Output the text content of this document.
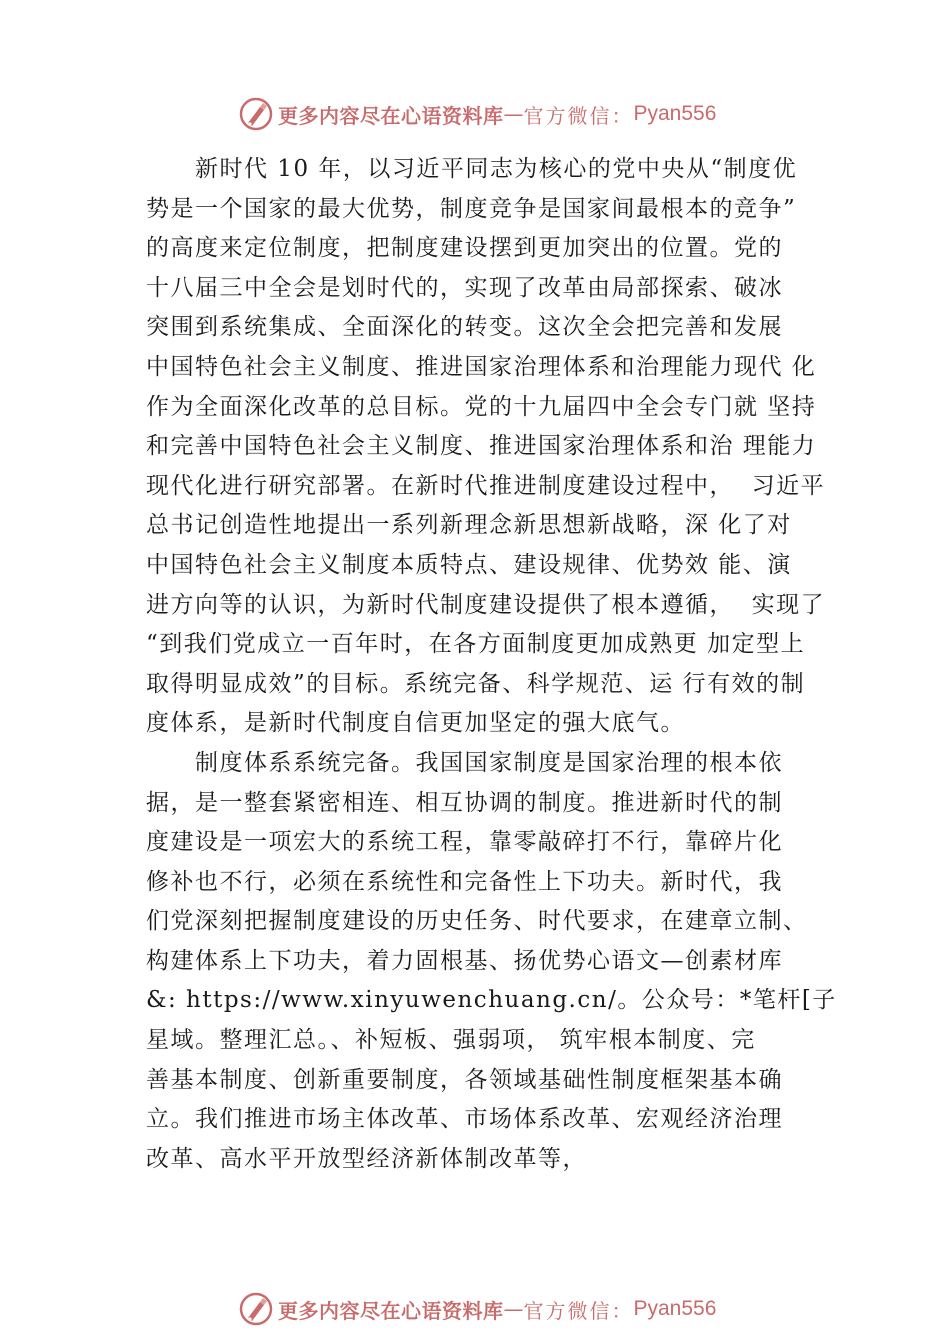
更多内容尽在心语资料库 — 官方微信： Pyan556
　　新时代 10 年，以习近平同志为核心的党中央从“制度优
势是一个国家的最大优势，制度竞争是国家间最根本的竞争”
的高度来定位制度，把制度建设摆到更加突出的位置。党的
十八届三中全会是划时代的，实现了改革由局部探索、破冰
突围到系统集成、全面深化的转变。这次全会把完善和发展
中国特色社会主义制度、推进国家治理体系和治理能力现代 化
作为全面深化改革的总目标。党的十九届四中全会专门就 坚持
和完善中国特色社会主义制度、推进国家治理体系和治 理能力
现代化进行研究部署。在新时代推进制度建设过程中，  习近平
总书记创造性地提出一系列新理念新思想新战略，深 化了对
中国特色社会主义制度本质特点、建设规律、优势效 能、演
进方向等的认识，为新时代制度建设提供了根本遵循，  实现了
“到我们党成立一百年时，在各方面制度更加成熟更 加定型上
取得明显成效”的目标。系统完备、科学规范、运 行有效的制
度体系，是新时代制度自信更加坚定的强大底气。
　　制度体系系统完备。我国国家制度是国家治理的根本依
据，是一整套紧密相连、相互协调的制度。推进新时代的制
度建设是一项宏大的系统工程，靠零敲碎打不行，靠碎片化
修补也不行，必须在系统性和完备性上下功夫。新时代，我
们党深刻把握制度建设的历史任务、时代要求，在建章立制、
构建体系上下功夫，着力固根基、扬优势心语文—创素材库
&: https://www.xinyuwenchuang.cn/。公众号：*笔杆[子
星域。整理汇总。、补短板、强弱项， 筑牢根本制度、完
善基本制度、创新重要制度，各领域基础性制度框架基本确
立。我们推进市场主体改革、市场体系改革、宏观经济治理
改革、高水平开放型经济新体制改革等，
更多内容尽在心语资料库 — 官方微信： Pyan556
